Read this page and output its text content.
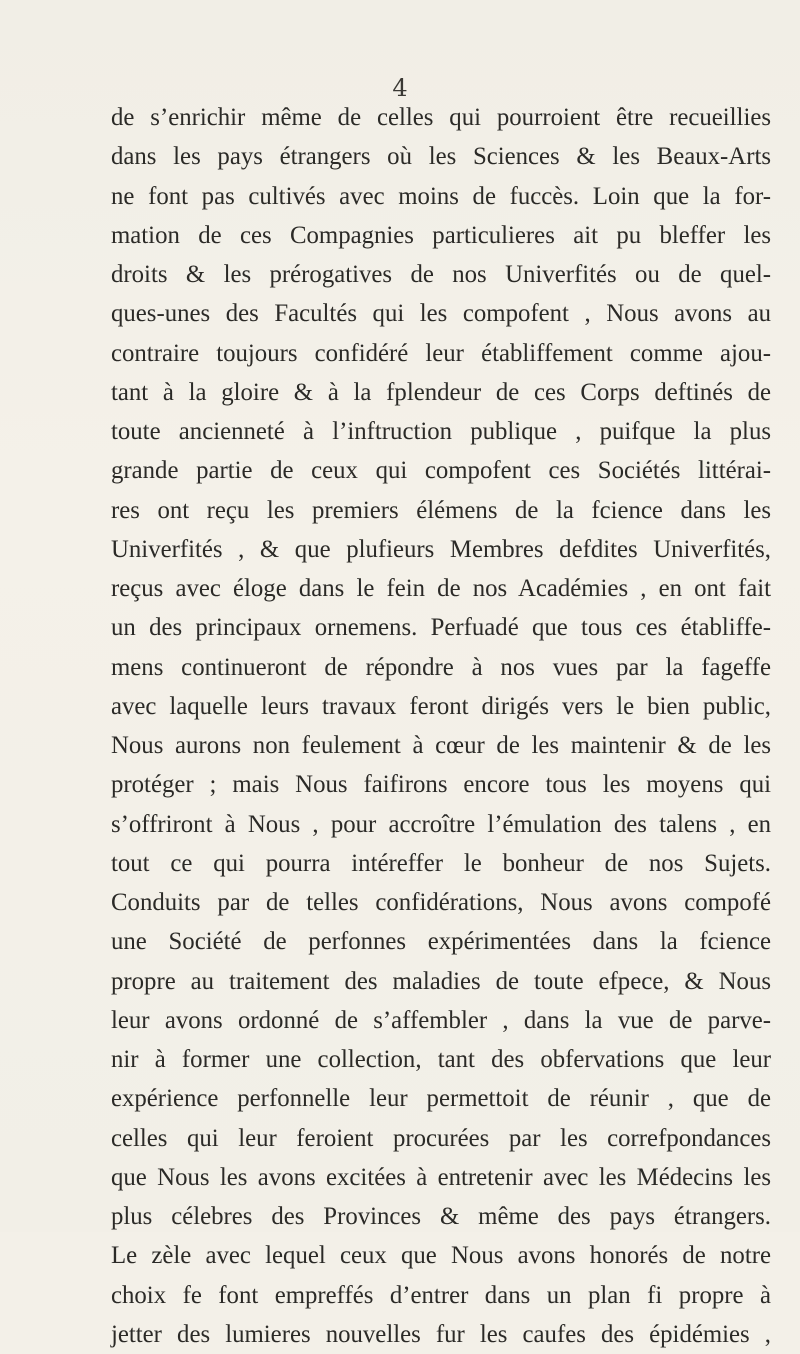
4
de s’enrichir même de celles qui pourroient être recueillies
dans les pays étrangers où les Sciences & les Beaux-Arts
ne font pas cultivés avec moins de fuccès. Loin que la for-
mation de ces Compagnies particulieres ait pu bleffer les
droits & les prérogatives de nos Univerfités ou de quel-
ques-unes des Facultés qui les compofent , Nous avons au
contraire toujours confidéré leur établiffement comme ajou-
tant à la gloire & à la fplendeur de ces Corps deftinés de
toute ancienneté à l’inftruction publique , puifque la plus
grande partie de ceux qui compofent ces Sociétés littérai-
res ont reçu les premiers élémens de la fcience dans les
Univerfités , & que plufieurs Membres defdites Univerfités,
reçus avec éloge dans le fein de nos Académies , en ont fait
un des principaux ornemens. Perfuadé que tous ces établiffe-
mens continueront de répondre à nos vues par la fageffe
avec laquelle leurs travaux feront dirigés vers le bien public,
Nous aurons non feulement à cœur de les maintenir & de les
protéger ; mais Nous faifirons encore tous les moyens qui
s’offriront à Nous , pour accroître l’émulation des talens , en
tout ce qui pourra intéreffer le bonheur de nos Sujets.
Conduits par de telles confidérations, Nous avons compofé
une Société de perfonnes expérimentées dans la fcience
propre au traitement des maladies de toute efpece, & Nous
leur avons ordonné de s’affembler , dans la vue de parve-
nir à former une collection, tant des obfervations que leur
expérience perfonnelle leur permettoit de réunir , que de
celles qui leur feroient procurées par les correfpondances
que Nous les avons excitées à entretenir avec les Médecins les
plus célebres des Provinces & même des pays étrangers.
Le zèle avec lequel ceux que Nous avons honorés de notre
choix fe font empreffés d’entrer dans un plan fi propre à
jetter des lumieres nouvelles fur les caufes des épidémies ,
